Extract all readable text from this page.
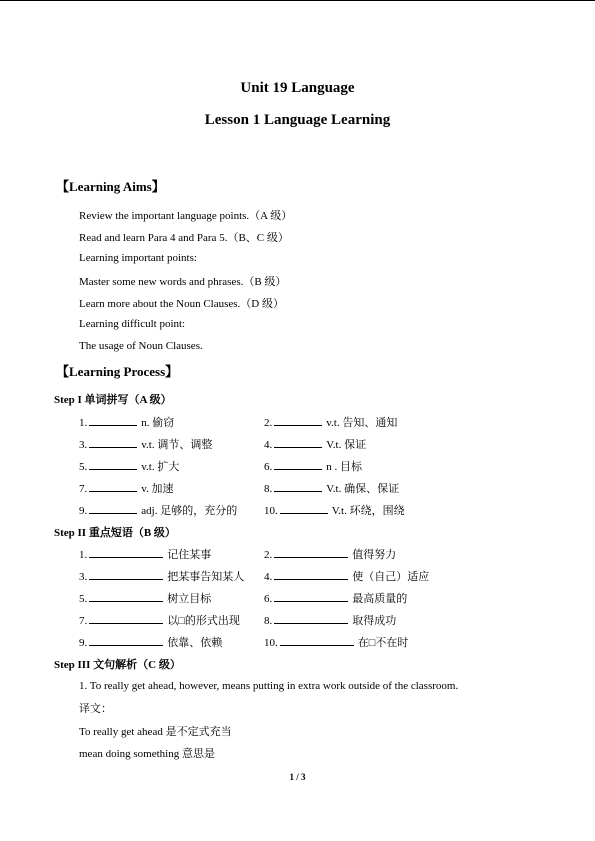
Unit 19 Language
Lesson 1 Language Learning
【Learning Aims】
Review the important language points.（A 级）
Read and learn Para 4 and Para 5.（B、C 级）
Learning important points:
Master some new words and phrases.（B 级）
Learn more about the Noun Clauses.（D 级）
Learning difficult point:
The usage of Noun Clauses.
【Learning Process】
Step I 单词拼写（A 级）
1.	n. 偷窃	2.	v.t. 告知、通知
3.	v.t. 调节、调整	4.	V.t. 保证
5.	v.t. 扩大	6.	n . 目标
7.	v. 加速	8.	V.t. 确保、保证
9.	adj. 足够的，充分的 10.	V.t. 环绕，围绕
Step II 重点短语（B 级）
1.	记住某事	2.	值得努力
3.	把某事告知某人 4.	使（自己）适应
5.	树立目标	6.	最高质量的
7.	以□的形式出现 8.	取得成功
9.	依靠、依赖	10.	在□不在时
Step III 文句解析（C 级）
1. To really get ahead, however, means putting in extra work outside of the classroom.
译文：
To really get ahead 是不定式充当
mean doing something 意思是
1 / 3
